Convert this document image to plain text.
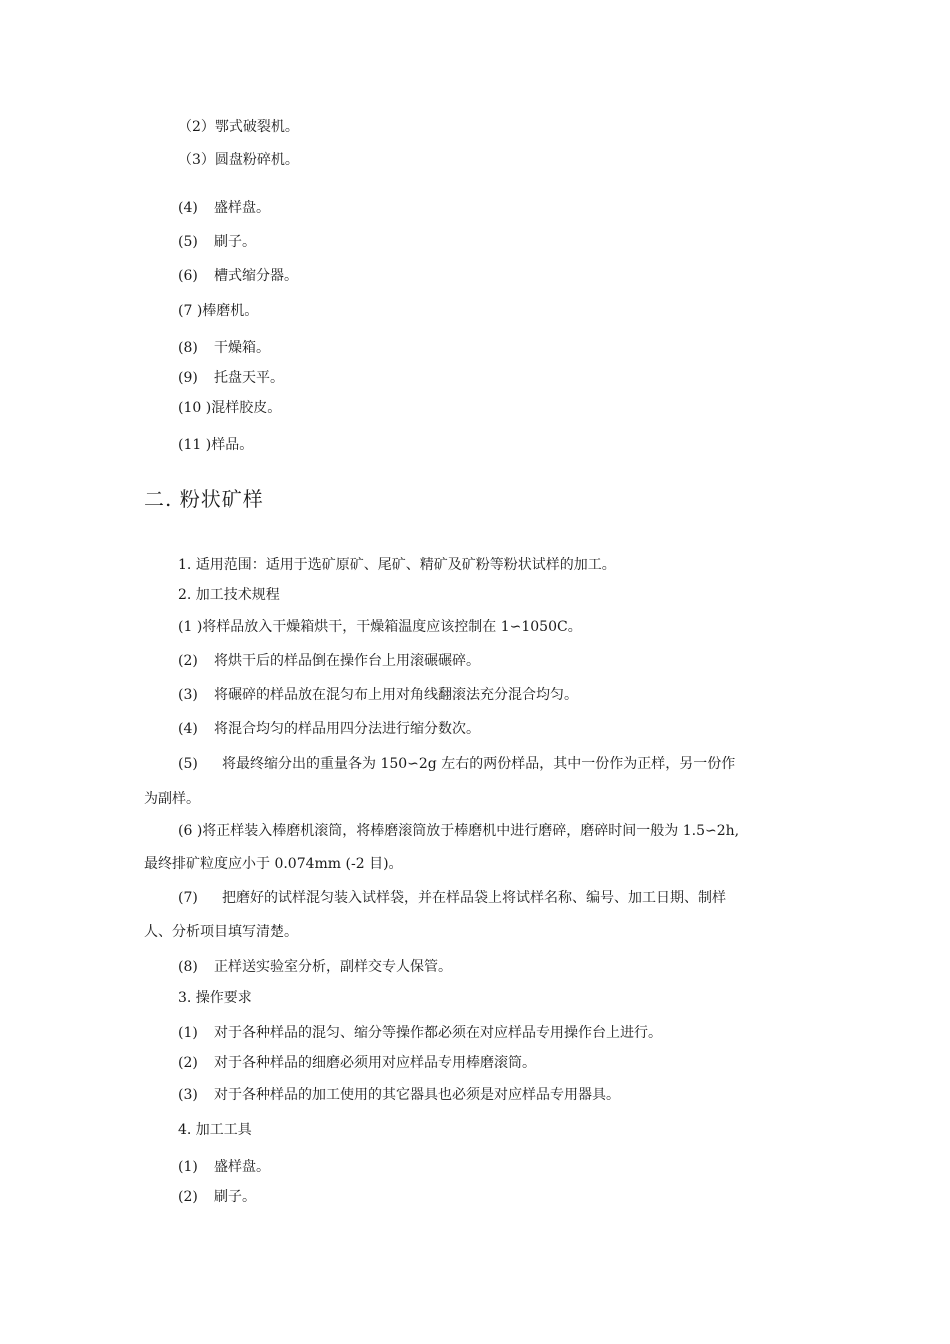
（2）鄂式破裂机。
（3）圆盘粉碎机。
(4) 盛样盘。
(5) 刷子。
(6) 槽式缩分器。
(7 )棒磨机。
(8) 干燥箱。
(9) 托盘天平。
(10 )混样胶皮。
(11 )样品。
二. 粉状矿样
1. 适用范围：适用于选矿原矿、尾矿、精矿及矿粉等粉状试样的加工。
2. 加工技术规程
(1 )将样品放入干燥箱烘干，干燥箱温度应该控制在 1∽1050C。
(2) 将烘干后的样品倒在操作台上用滚碾碾碎。
(3) 将碾碎的样品放在混匀布上用对角线翻滚法充分混合均匀。
(4) 将混合均匀的样品用四分法进行缩分数次。
(5) 将最终缩分出的重量各为 150∽2g 左右的两份样品，其中一份作为正样，另一份作
为副样。
(6 )将正样装入棒磨机滚筒，将棒磨滚筒放于棒磨机中进行磨碎，磨碎时间一般为 1.5∽2h,
最终排矿粒度应小于 0.074mm (-2 目)。
(7) 把磨好的试样混匀装入试样袋，并在样品袋上将试样名称、编号、加工日期、制样
人、分析项目填写清楚。
(8) 正样送实验室分析，副样交专人保管。
3. 操作要求
(1) 对于各种样品的混匀、缩分等操作都必须在对应样品专用操作台上进行。
(2) 对于各种样品的细磨必须用对应样品专用棒磨滚筒。
(3) 对于各种样品的加工使用的其它器具也必须是对应样品专用器具。
4. 加工工具
(1) 盛样盘。
(2) 刷子。
